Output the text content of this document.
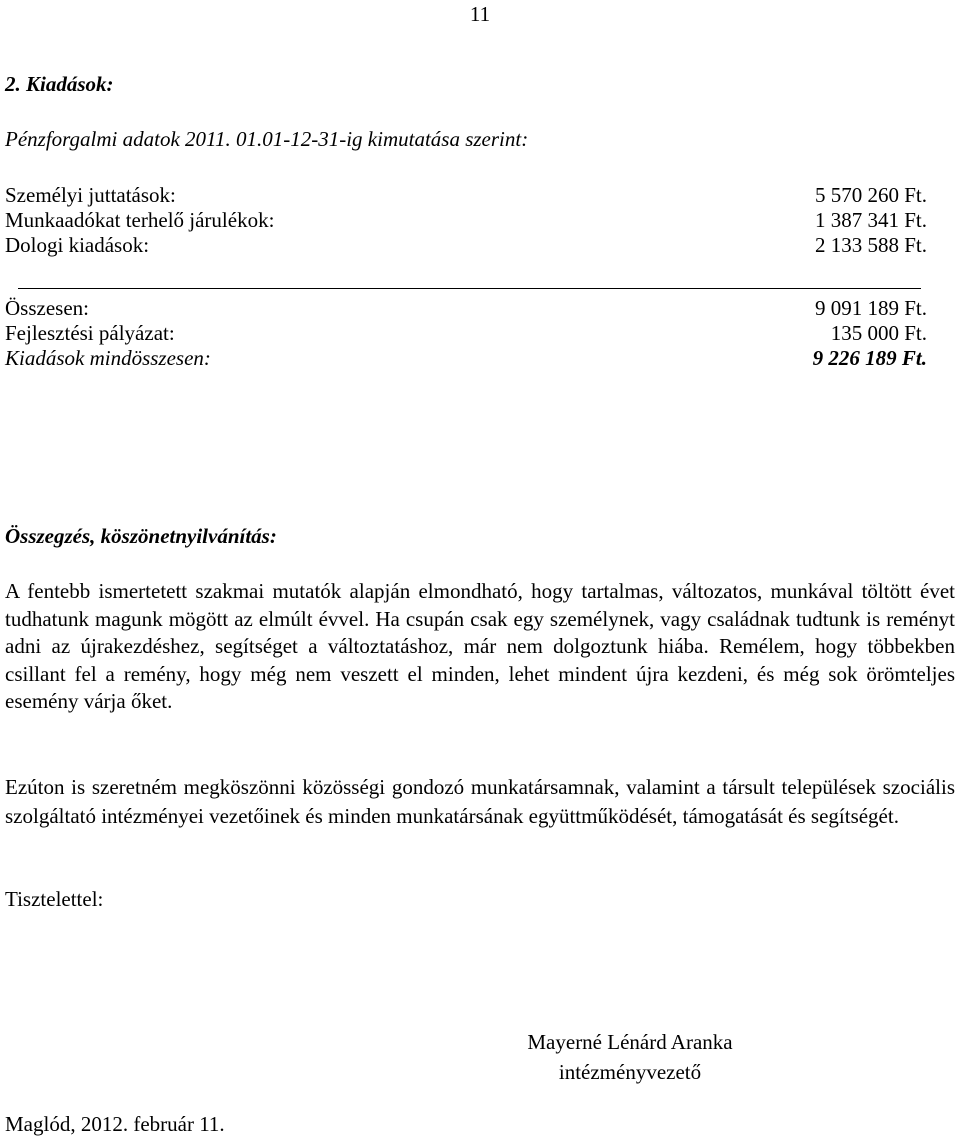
11
2. Kiadások:
Pénzforgalmi adatok 2011. 01.01-12-31-ig kimutatása szerint:
Személyi juttatások:	5 570 260 Ft.
Munkaadókat terhelő járulékok:	1 387 341 Ft.
Dologi kiadások:	2 133 588 Ft.
Összesen:	9 091 189 Ft.
Fejlesztési pályázat:	135 000 Ft.
Kiadások mindösszesen:	9 226 189 Ft.
Összegzés, köszönetnyilvánítás:

A fentebb ismertetett szakmai mutatók alapján elmondható, hogy tartalmas, változatos, munkával töltött évet tudhatunk magunk mögött az elmúlt évvel. Ha csupán csak egy személynek, vagy családnak tudtunk is reményt adni az újrakezdéshez, segítséget a változtatáshoz, már nem dolgoztunk hiába. Remélem, hogy többekben csillant fel a remény, hogy még nem veszett el minden, lehet mindent újra kezdeni, és még sok örömteljes esemény várja őket.

Ezúton is szeretném megköszönni közösségi gondozó munkatársamnak, valamint a társult települések szociális szolgáltató intézményei vezetőinek és minden munkatársának együttműködését, támogatását és segítségét.

Tisztelettel:
Mayerné Lénárd Aranka
intézményvezető
Maglód, 2012. február 11.
